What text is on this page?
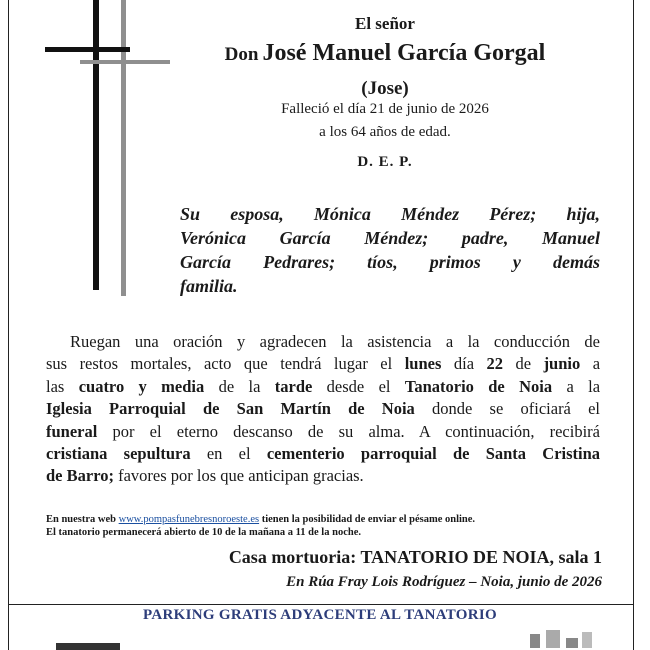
El señor
Don José Manuel García Gorgal
(Jose)
Falleció el día 21 de junio de 2026
a los 64 años de edad.
D. E. P.
Su esposa, Mónica Méndez Pérez; hija,
Verónica García Méndez; padre, Manuel
García Pedrares; tíos, primos y demás
familia.
Ruegan una oración y agradecen la asistencia a la conducción de
sus restos mortales, acto que tendrá lugar el lunes día 22 de junio a
las cuatro y media de la tarde desde el Tanatorio de Noia a la
Iglesia Parroquial de San Martín de Noia donde se oficiará el
funeral por el eterno descanso de su alma. A continuación, recibirá
cristiana sepultura en el cementerio parroquial de Santa Cristina
de Barro; favores por los que anticipan gracias.
En nuestra web www.pompasfunebresnoroeste.es tienen la posibilidad de enviar el pésame online.
El tanatorio permanecerá abierto de 10 de la mañana a 11 de la noche.
Casa mortuoria: TANATORIO DE NOIA, sala 1
En Rúa Fray Lois Rodríguez – Noia, junio de 2026
PARKING GRATIS ADYACENTE AL TANATORIO
